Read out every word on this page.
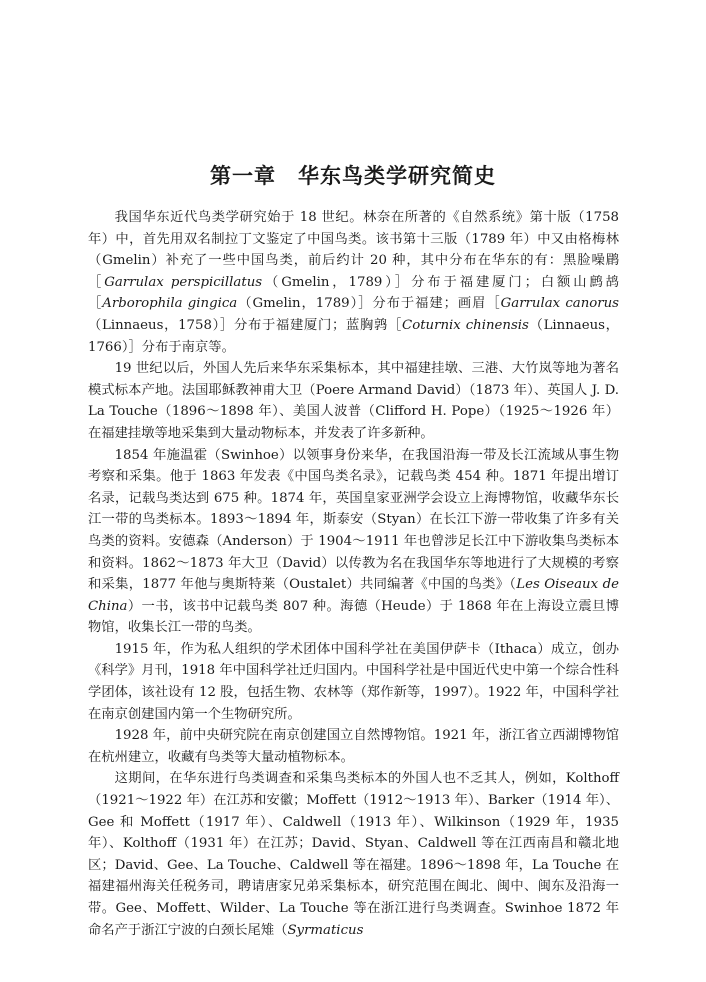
第一章 华东鸟类学研究简史

我国华东近代鸟类学研究始于 18 世纪。林奈在所著的《自然系统》第十版（1758 年）中，首先用双名制拉丁文鉴定了中国鸟类。该书第十三版（1789 年）中又由格梅林（Gmelin）补充了一些中国鸟类，前后约计 20 种，其中分布在华东的有：黑脸噪鹛［Garrulax perspicillatus（Gmelin，1789）］分布于福建厦门；白额山鹧鸪［Arborophila gingica（Gmelin，1789）］分布于福建；画眉［Garrulax canorus（Linnaeus，1758）］分布于福建厦门；蓝胸鹑［Coturnix chinensis（Linnaeus，1766）］分布于南京等。

19 世纪以后，外国人先后来华东采集标本，其中福建挂墩、三港、大竹岚等地为著名模式标本产地。法国耶稣教神甫大卫（Poere Armand David）（1873 年）、英国人 J. D. La Touche（1896～1898 年）、美国人波普（Clifford H. Pope）（1925～1926 年）在福建挂墩等地采集到大量动物标本，并发表了许多新种。

1854 年施温霍（Swinhoe）以领事身份来华，在我国沿海一带及长江流域从事生物考察和采集。他于 1863 年发表《中国鸟类名录》，记载鸟类 454 种。1871 年提出增订名录，记载鸟类达到 675 种。1874 年，英国皇家亚洲学会设立上海博物馆，收藏华东长江一带的鸟类标本。1893～1894 年，斯泰安（Styan）在长江下游一带收集了许多有关鸟类的资料。安德森（Anderson）于 1904～1911 年也曾涉足长江中下游收集鸟类标本和资料。1862～1873 年大卫（David）以传教为名在我国华东等地进行了大规模的考察和采集，1877 年他与奥斯特莱（Oustalet）共同编著《中国的鸟类》（Les Oiseaux de China）一书，该书中记载鸟类 807 种。海德（Heude）于 1868 年在上海设立震旦博物馆，收集长江一带的鸟类。

1915 年，作为私人组织的学术团体中国科学社在美国伊萨卡（Ithaca）成立，创办《科学》月刊，1918 年中国科学社迁归国内。中国科学社是中国近代史中第一个综合性科学团体，该社设有 12 股，包括生物、农林等（郑作新等，1997）。1922 年，中国科学社在南京创建国内第一个生物研究所。

1928 年，前中央研究院在南京创建国立自然博物馆。1921 年，浙江省立西湖博物馆在杭州建立，收藏有鸟类等大量动植物标本。

这期间，在华东进行鸟类调查和采集鸟类标本的外国人也不乏其人，例如，Kolthoff（1921～1922 年）在江苏和安徽；Moffett（1912～1913 年）、Barker（1914 年）、Gee 和 Moffett（1917 年）、Caldwell（1913 年）、Wilkinson（1929 年，1935 年）、Kolthoff（1931 年）在江苏；David、Styan、Caldwell 等在江西南昌和赣北地区；David、Gee、La Touche、Caldwell 等在福建。1896～1898 年，La Touche 在福建福州海关任税务司，聘请唐家兄弟采集标本，研究范围在闽北、闽中、闽东及沿海一带。Gee、Moffett、Wilder、La Touche 等在浙江进行鸟类调查。Swinhoe 1872 年命名产于浙江宁波的白颈长尾雉（Syrmaticus
